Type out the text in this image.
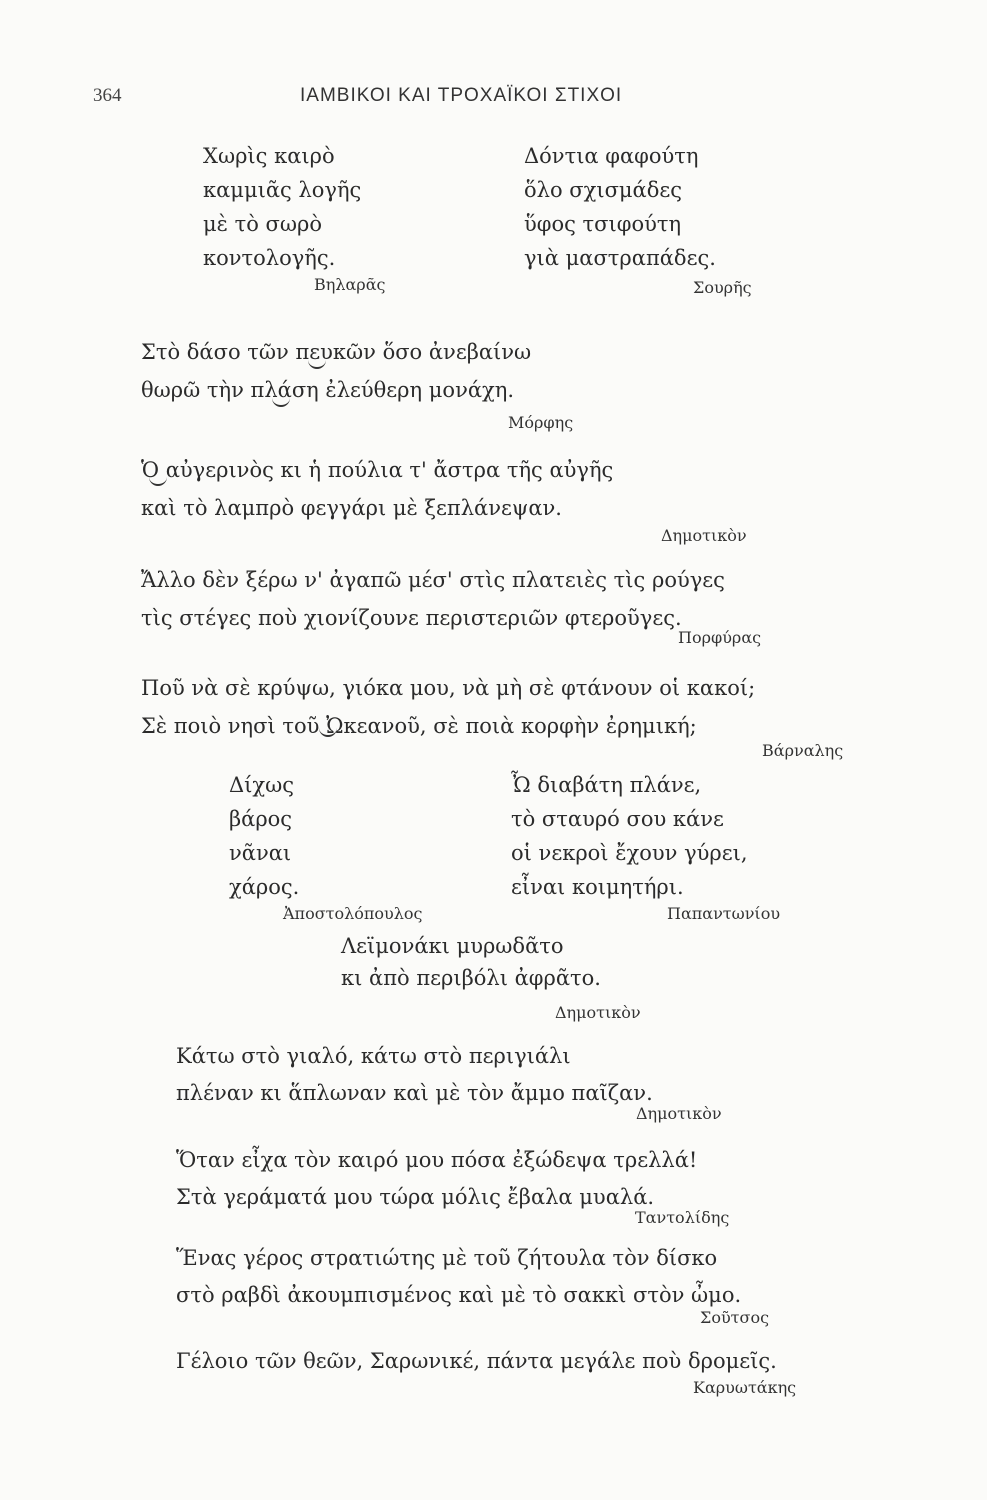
364	ΙΑΜΒΙΚΟΙ ΚΑΙ ΤΡΟΧΑΪΚΟΙ ΣΤΙΧΟΙ
Χωρὶς καιρὸ
καμμιᾶς λογῆς
μὲ τὸ σωρὸ
κοντολογῆς.
Βηλαρᾶς
Δόντια φαφούτη
ὅλο σχισμάδες
ὕφος τσιφούτη
γιὰ μαστραπάδες.
Σουρῆς
Στὸ δάσο τῶν πευκῶν ὅσο ἀνεβαίνω
θωρῶ τὴν πλάση ἐλεύθερη μονάχη.
Μόρφης
Ὁ αὐγερινὸς κι ἡ πούλια τ' ἄστρα τῆς αὐγῆς
καὶ τὸ λαμπρὸ φεγγάρι μὲ ξεπλάνεψαν.
Δημοτικὸν
Ἄλλο δὲν ξέρω ν' ἀγαπῶ μέσ' στὶς πλατειὲς τὶς ρούγες
τὶς στέγες ποὺ χιονίζουνε περιστεριῶν φτεροῦγες.
Πορφύρας
Ποῦ νὰ σὲ κρύψω, γιόκα μου, νὰ μὴ σὲ φτάνουν οἱ κακοί;
Σὲ ποιὸ νησὶ τοῦ Ὠκεανοῦ, σὲ ποιὰ κορφὴν ἐρημική;
Βάρναλης
Δίχως
βάρος
νᾶναι
χάρος.
Ἀποστολόπουλος
Ὦ διαβάτη πλάνε,
τὸ σταυρό σου κάνε
οἱ νεκροὶ ἔχουν γύρει,
εἶναι κοιμητήρι.
Παπαντωνίου
Λεϊμονάκι μυρωδᾶτο
κι ἀπὸ περιβόλι ἀφρᾶτο.
Δημοτικὸν
Κάτω στὸ γιαλό, κάτω στὸ περιγιάλι
πλέναν κι ἅπλωναν καὶ μὲ τὸν ἄμμο παῖζαν.
Δημοτικὸν
Ὅταν εἶχα τὸν καιρό μου πόσα ἐξώδεψα τρελλά!
Στὰ γεράματά μου τώρα μόλις ἔβαλα μυαλά.
Ταντολίδης
Ἕνας γέρος στρατιώτης μὲ τοῦ ζήτουλα τὸν δίσκο
στὸ ραβδὶ ἀκουμπισμένος καὶ μὲ τὸ σακκὶ στὸν ὦμο.
Σοῦτσος
Γέλοιο τῶν θεῶν, Σαρωνικέ, πάντα μεγάλε ποὺ δρομεῖς.
Καρυωτάκης
